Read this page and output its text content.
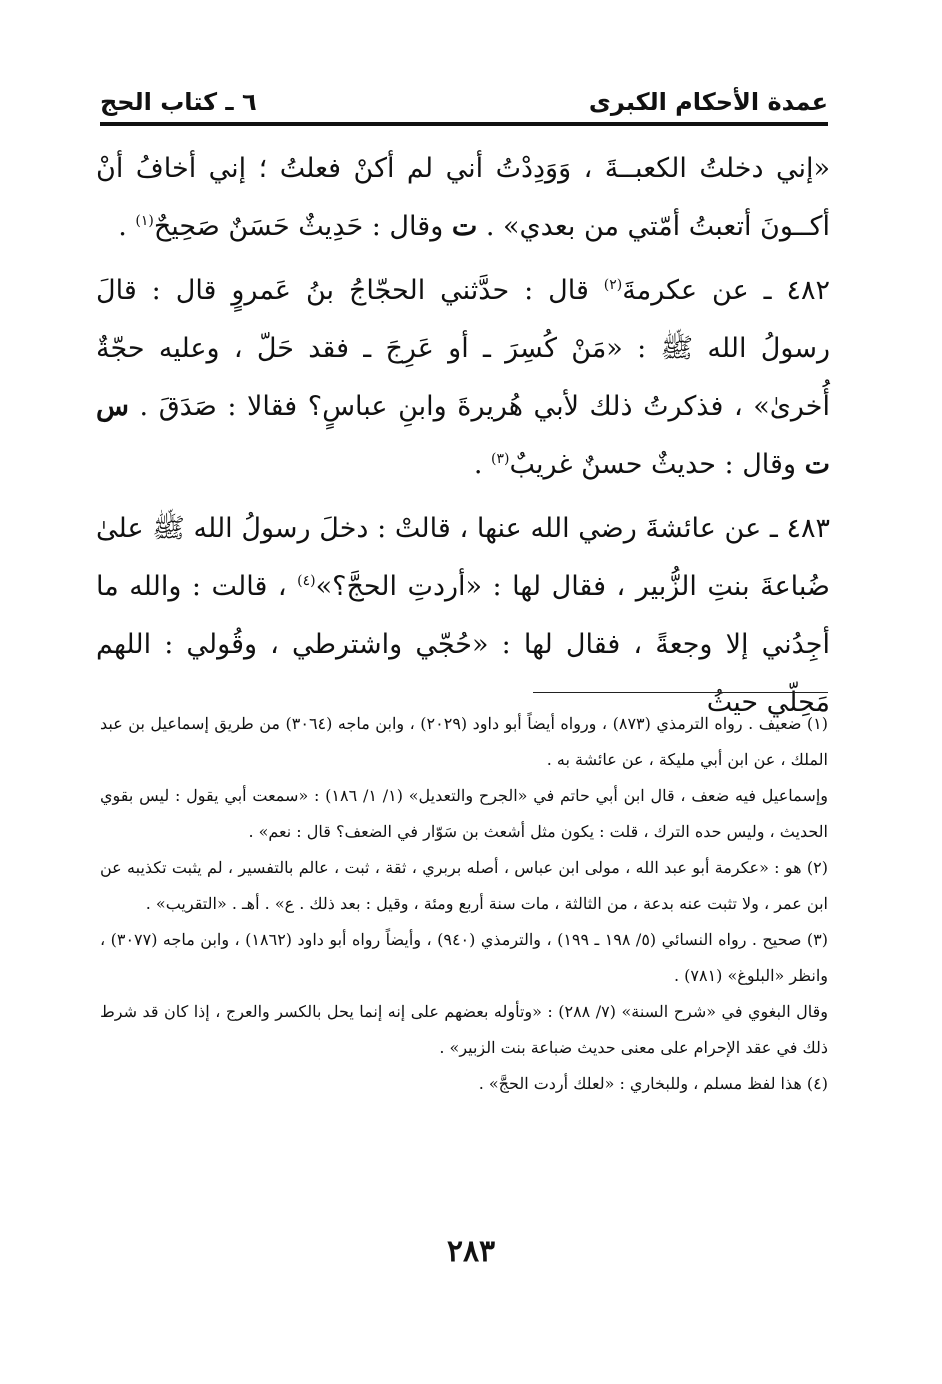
عمدة الأحكام الكبرى
٦ ـ كتاب الحج

«إني دخلتُ الكعبــةَ ، وَوَدِدْتُ أني لم أكنْ فعلتُ ؛ إني أخافُ أنْ أكــونَ أتعبتُ أمّتي من بعدي» . ت وقال : حَدِيثٌ حَسَنٌ صَحِيحٌ$^{(١)}$ .

٤٨٢ ـ عن عكرمةَ$^{(٢)}$ قال : حدَّثني الحجّاجُ بنُ عَمروٍ قال : قالَ رسولُ الله ﷺ : «مَنْ كُسِرَ ـ أو عَرِجَ ـ فقد حَلّ ، وعليه حجّةٌ أُخرىٰ» ، فذكرتُ ذلك لأبي هُريرةَ وابنِ عباسٍ؟ فقالا : صَدَقَ . س ت وقال : حديثٌ حسنٌ غريبٌ$^{(٣)}$ .

٤٨٣ ـ عن عائشةَ رضي الله عنها ، قالتْ : دخلَ رسولُ الله ﷺ علىٰ ضُباعةَ بنتِ الزُّبير ، فقال لها : «أردتِ الحجَّ؟»$^{(٤)}$ ، قالت : والله ما أجِدُني إلا وجعةً ، فقال لها : «حُجّي واشترطي ، وقُولي : اللهم مَحِلّي حيثُ

(١) ضعيف . رواه الترمذي (٨٧٣) ، ورواه أيضاً أبو داود (٢٠٢٩) ، وابن ماجه (٣٠٦٤) من طريق إسماعيل بن عبد الملك ، عن ابن أبي مليكة ، عن عائشة به .

وإسماعيل فيه ضعف ، قال ابن أبي حاتم في «الجرح والتعديل» (١/ ١/ ١٨٦) : «سمعت أبي يقول : ليس بقوي الحديث ، وليس حده الترك ، قلت : يكون مثل أشعث بن سَوّار في الضعف؟ قال : نعم» .

(٢) هو : «عكرمة أبو عبد الله ، مولى ابن عباس ، أصله بربري ، ثقة ، ثبت ، عالم بالتفسير ، لم يثبت تكذيبه عن ابن عمر ، ولا تثبت عنه بدعة ، من الثالثة ، مات سنة أربع ومئة ، وقيل : بعد ذلك . ع» . أهـ . «التقريب» .

(٣) صحيح . رواه النسائي (٥/ ١٩٨ ـ ١٩٩) ، والترمذي (٩٤٠) ، وأيضاً رواه أبو داود (١٨٦٢) ، وابن ماجه (٣٠٧٧) ، وانظر «البلوغ» (٧٨١) .

وقال البغوي في «شرح السنة» (٧/ ٢٨٨) : «وتأوله بعضهم على إنه إنما يحل بالكسر والعرج ، إذا كان قد شرط ذلك في عقد الإحرام على معنى حديث ضباعة بنت الزبير» .

(٤) هذا لفظ مسلم ، وللبخاري : «لعلك أردت الحجَّ» .

٢٨٣
